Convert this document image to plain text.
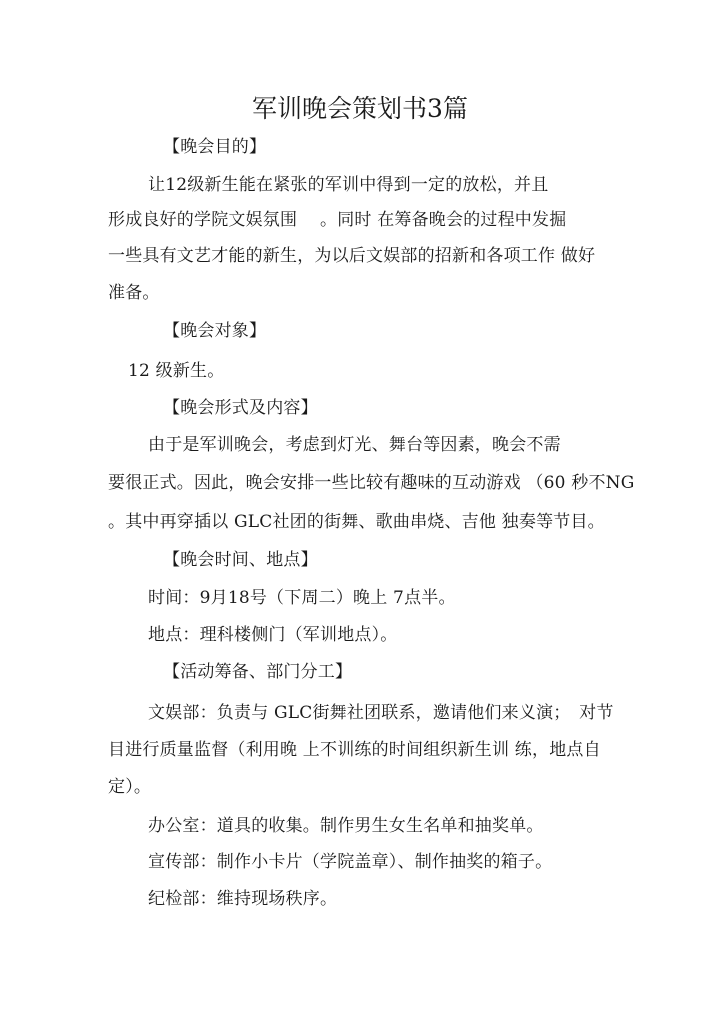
军训晚会策划书3篇
【晚会目的】
让12级新生能在紧张的军训中得到一定的放松，并且
形成良好的学院文娱氛围　 。同时 在筹备晚会的过程中发掘
一些具有文艺才能的新生，为以后文娱部的招新和各项工作 做好
准备。
【晚会对象】
12 级新生。
【晚会形式及内容】
由于是军训晚会，考虑到灯光、舞台等因素，晚会不需
要很正式。因此，晚会安排一些比较有趣味的互动游戏 （60 秒不NG
。其中再穿插以 GLC社团的街舞、歌曲串烧、吉他 独奏等节目。
【晚会时间、地点】
时间：9月18号（下周二）晚上 7点半。
地点：理科楼侧门（军训地点）。
【活动筹备、部门分工】
文娱部：负责与 GLC街舞社团联系，邀请他们来义演；　对节
目进行质量监督（利用晚 上不训练的时间组织新生训 练，地点自
定）。
办公室：道具的收集。制作男生女生名单和抽奖单。
宣传部：制作小卡片（学院盖章）、制作抽奖的箱子。
纪检部：维持现场秩序。
